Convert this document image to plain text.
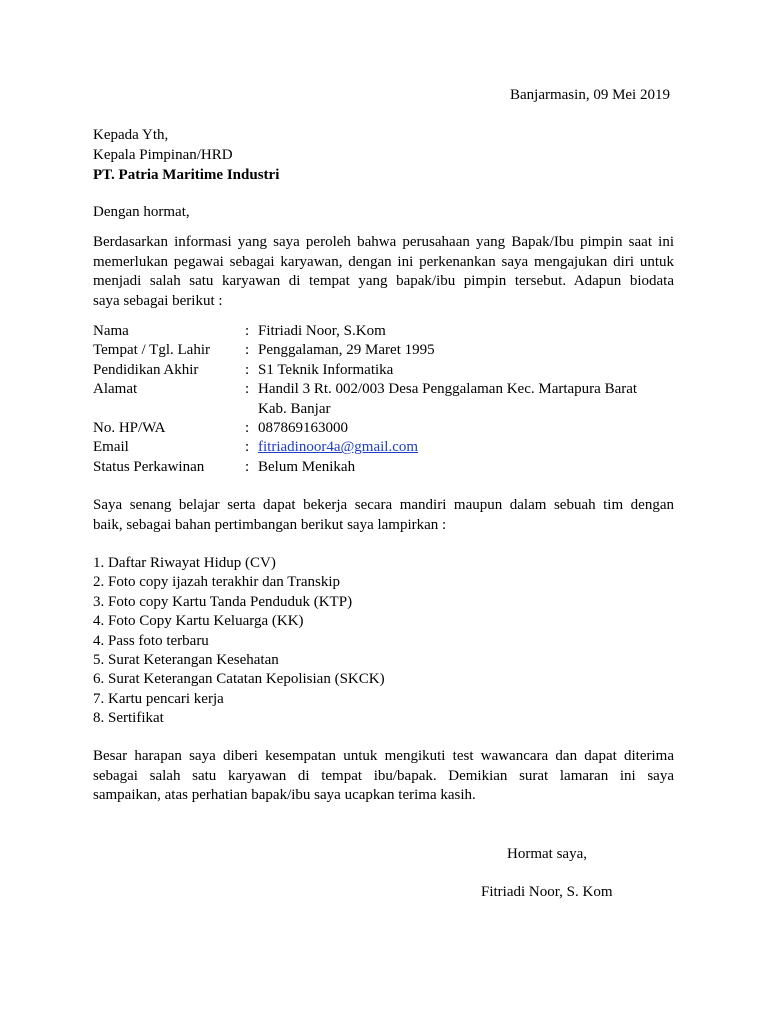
Banjarmasin, 09 Mei 2019
Kepada Yth,
Kepala Pimpinan/HRD
PT. Patria Maritime Industri
Dengan hormat,
Berdasarkan informasi yang saya peroleh bahwa perusahaan yang Bapak/Ibu pimpin saat ini
memerlukan pegawai sebagai karyawan, dengan ini perkenankan saya mengajukan diri untuk
menjadi salah satu karyawan di tempat yang bapak/ibu pimpin tersebut. Adapun biodata
saya sebagai berikut :
Nama	: Fitriadi Noor, S.Kom
Tempat / Tgl. Lahir : Penggalaman, 29 Maret 1995
Pendidikan Akhir	: S1 Teknik Informatika
Alamat	: Handil 3 Rt. 002/003 Desa Penggalaman Kec. Martapura Barat
Kab. Banjar
No. HP/WA	: 087869163000
Email	: fitriadinoor4a@gmail.com
Status Perkawinan	: Belum Menikah
Saya senang belajar serta dapat bekerja secara mandiri maupun dalam sebuah tim dengan
baik, sebagai bahan pertimbangan berikut saya lampirkan :
1. Daftar Riwayat Hidup (CV)
2. Foto copy ijazah terakhir dan Transkip
3. Foto copy Kartu Tanda Penduduk (KTP)
4. Foto Copy Kartu Keluarga (KK)
4. Pass foto terbaru
5. Surat Keterangan Kesehatan
6. Surat Keterangan Catatan Kepolisian (SKCK)
7. Kartu pencari kerja
8. Sertifikat
Besar harapan saya diberi kesempatan untuk mengikuti test wawancara dan dapat diterima
sebagai salah satu karyawan di tempat ibu/bapak. Demikian surat lamaran ini saya
sampaikan, atas perhatian bapak/ibu saya ucapkan terima kasih.
Hormat saya,
Fitriadi Noor, S. Kom
